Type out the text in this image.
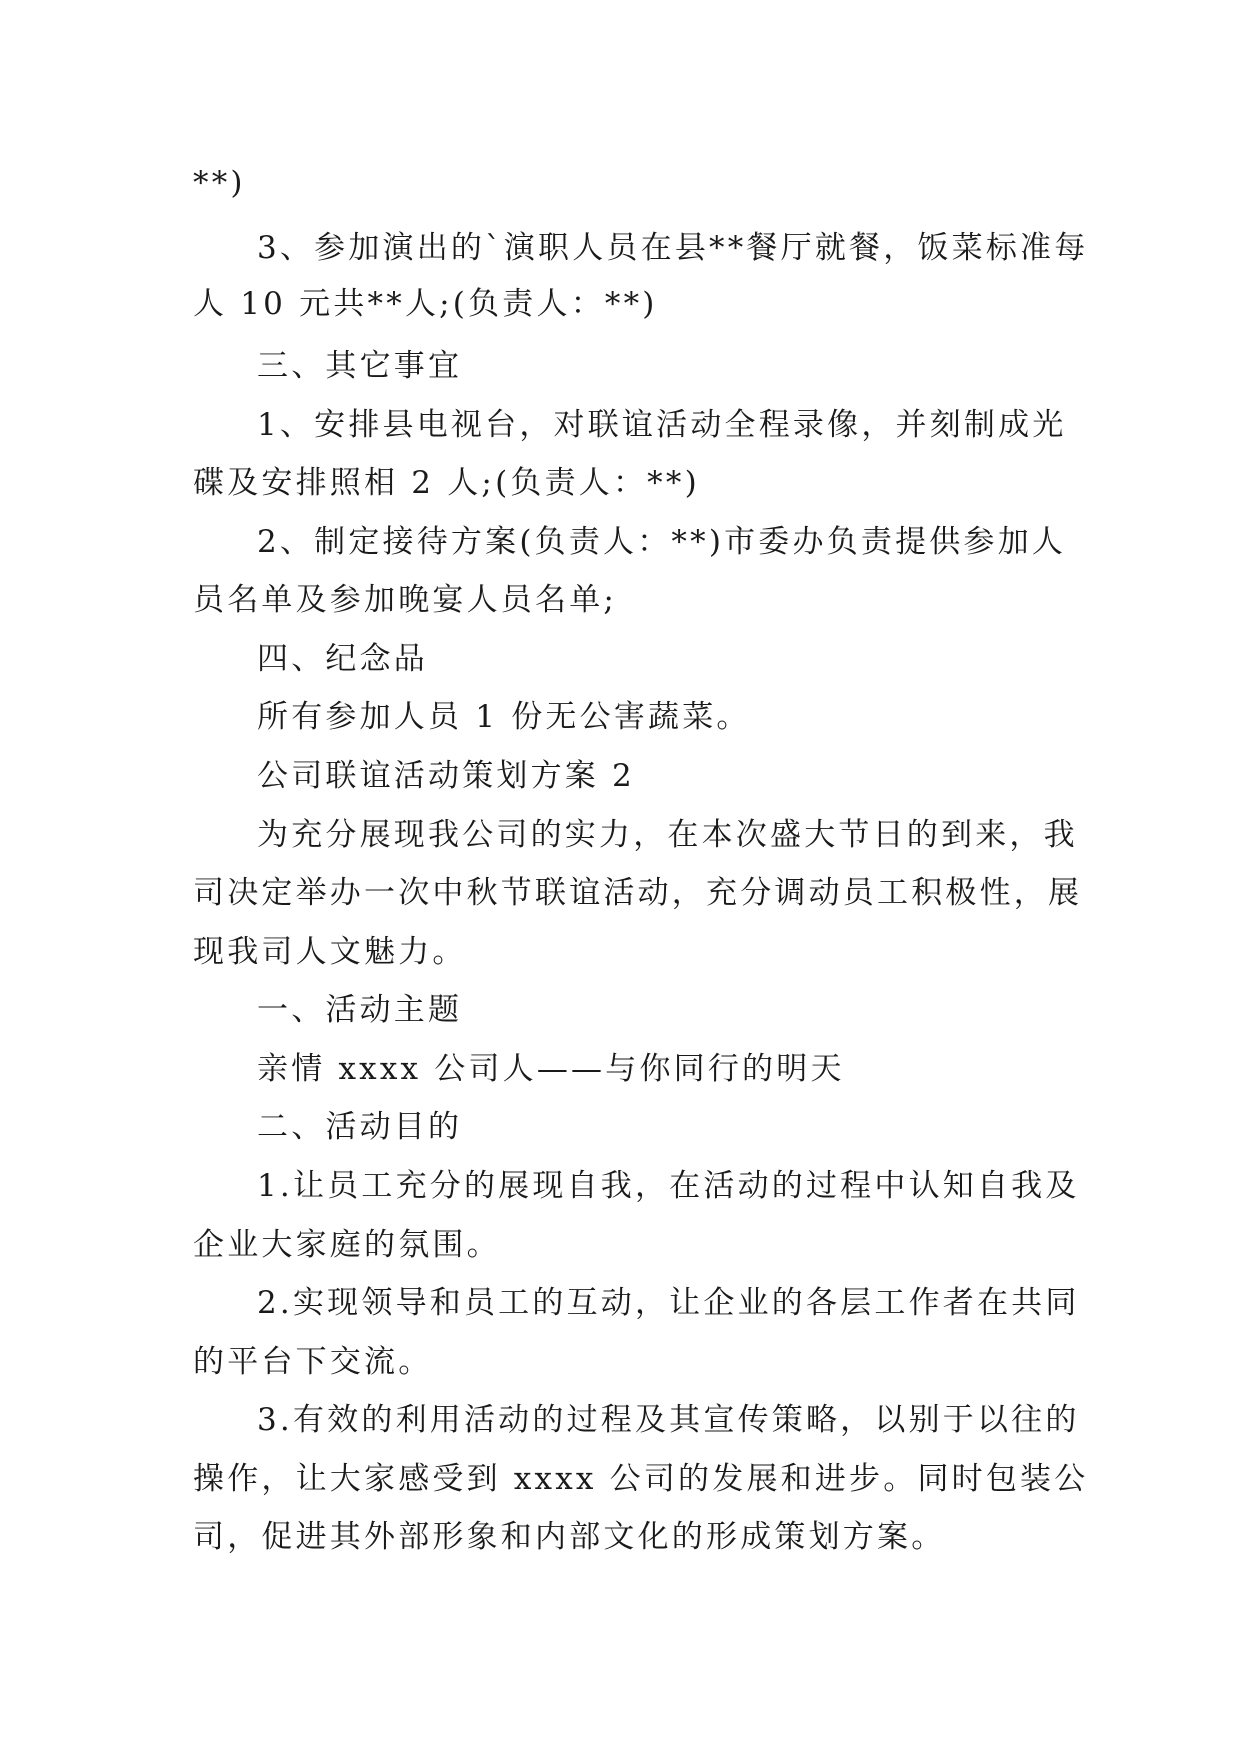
**)
3、参加演出的`演职人员在县**餐厅就餐，饭菜标准每
人 10 元共**人;(负责人：**)
三、其它事宜
1、安排县电视台，对联谊活动全程录像，并刻制成光
碟及安排照相 2 人;(负责人：**)
2、制定接待方案(负责人：**)市委办负责提供参加人
员名单及参加晚宴人员名单;
四、纪念品
所有参加人员 1 份无公害蔬菜。
公司联谊活动策划方案 2
为充分展现我公司的实力，在本次盛大节日的到来，我
司决定举办一次中秋节联谊活动，充分调动员工积极性，展
现我司人文魅力。
一、活动主题
亲情 xxxx 公司人——与你同行的明天
二、活动目的
1.让员工充分的展现自我，在活动的过程中认知自我及
企业大家庭的氛围。
2.实现领导和员工的互动，让企业的各层工作者在共同
的平台下交流。
3.有效的利用活动的过程及其宣传策略，以别于以往的
操作，让大家感受到 xxxx 公司的发展和进步。同时包装公
司，促进其外部形象和内部文化的形成策划方案。
